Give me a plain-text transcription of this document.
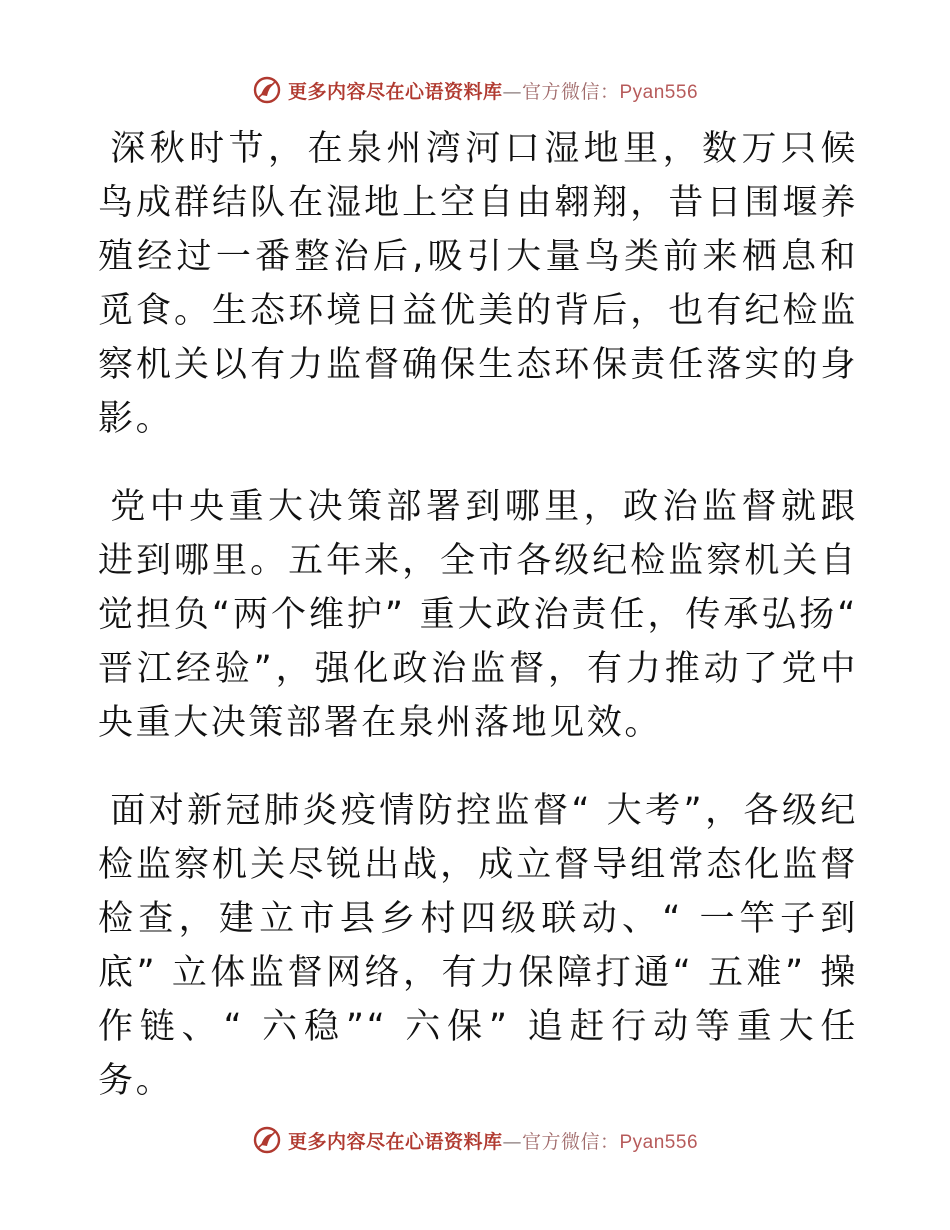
更多内容尽在心语资料库—官方微信：Pyan556

深秋时节，在泉州湾河口湿地里，数万只候鸟成群结队在湿地上空自由翱翔，昔日围堰养殖经过一番整治后,吸引大量鸟类前来栖息和觅食。生态环境日益优美的背后，也有纪检监察机关以有力监督确保生态环保责任落实的身影。

党中央重大决策部署到哪里，政治监督就跟进到哪里。五年来，全市各级纪检监察机关自觉担负“两个维护” 重大政治责任，传承弘扬“ 晋江经验”，强化政治监督，有力推动了党中央重大决策部署在泉州落地见效。

面对新冠肺炎疫情防控监督“ 大考”，各级纪检监察机关尽锐出战，成立督导组常态化监督检查，建立市县乡村四级联动、“ 一竿子到底” 立体监督网络，有力保障打通“ 五难” 操作链、“ 六稳”“ 六保” 追赶行动等重大任务。

更多内容尽在心语资料库—官方微信：Pyan556
